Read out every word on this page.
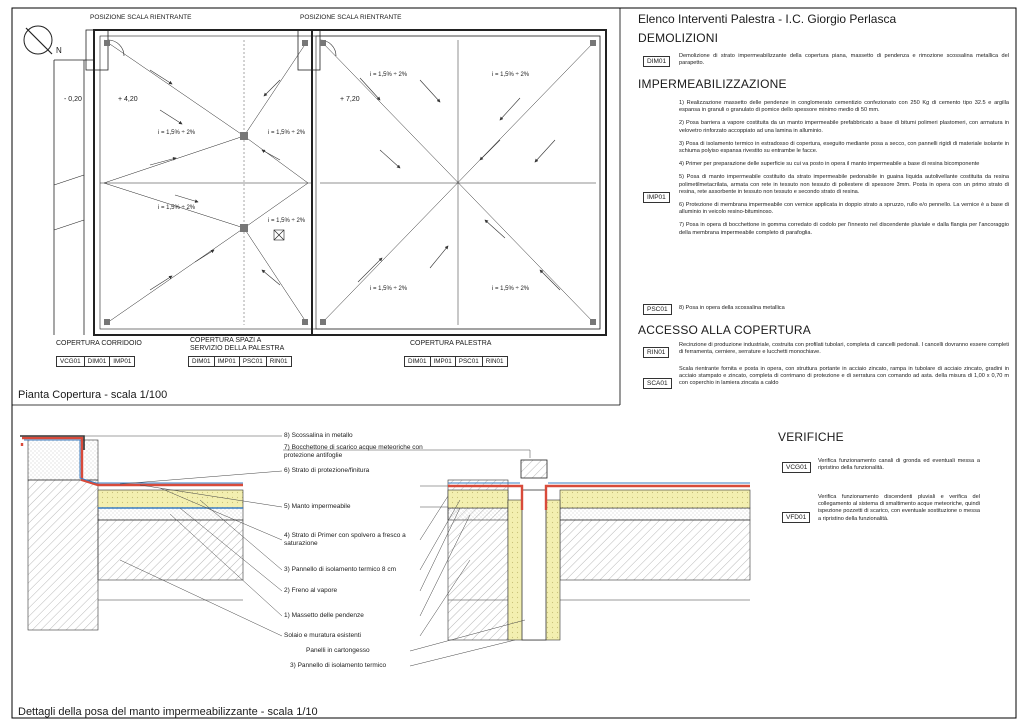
POSIZIONE SCALA RIENTRANTE	POSIZIONE SCALA RIENTRANTE
N
- 0,20	+ 4,20	+ 7,20
i = 1,5% ÷ 2%
i = 1,5% ÷ 2%
i = 1,5% ÷ 2%
i = 1,5% ÷ 2%
i = 1,5% ÷ 2%	i = 1,5% ÷ 2%
i = 1,5% ÷ 2%	i = 1,5% ÷ 2%
COPERTURA CORRIDOIO
VCG01	DIM01	IMP01
COPERTURA SPAZI A
SERVIZIO DELLA PALESTRA
DIM01	IMP01	PSC01	RIN01
COPERTURA PALESTRA
DIM01	IMP01	PSC01	RIN01
Pianta Copertura - scala 1/100
8) Scossalina in metallo
7) Bocchettone di scarico acque meteoriche con protezione antifoglie
6) Strato di protezione/finitura
5) Manto impermeabile
4) Strato di Primer con spolvero a fresco a saturazione
3) Pannello di isolamento termico 8 cm
2) Freno al vapore
1) Massetto delle pendenze
Solaio e muratura esistenti
Panelli in cartongesso
3) Pannello di isolamento termico
Dettagli della posa del manto impermeabilizzante - scala 1/10
Elenco Interventi Palestra - I.C. Giorgio Perlasca
DEMOLIZIONI
DIM01
Demolizione di strato impermeabilizzante della copertura piana, massetto di pendenza e rimozione scossalina metallica del parapetto.
IMPERMEABILIZZAZIONE
IMP01
1) Realizzazione massetto delle pendenze in conglomerato cementizio confezionato con 250 Kg di cemento tipo 32.5 e argilla espansa in granuli o granulato di pomice dello spessore minimo medio di 50 mm.
2) Posa barriera a vapore costituita da un manto impermeabile prefabbricato a base di bitumi polimeri plastomeri, con armatura in velovetro rinforzato accoppiato ad una lamina in alluminio.
3) Posa di isolamento termico in estradosso di copertura, eseguito mediante posa a secco, con pannelli rigidi di materiale isolante in schiuma polyiso espansa rivestito su entrambe le facce.
4) Primer per preparazione delle superficie su cui va posto in opera il manto impermeabile a base di resina bicomponente
5) Posa di manto impermeabile costituito da strato impermeabile pedonabile in guaina liquida autolivellante costituita da resina polimetilmetacrilata, armata con rete in tessuto non tessuto di poliestere di spessore 3mm. Posta in opera con un primo strato di resina, rete assorbente in tessuto non tessuto e secondo strato di resina.
6) Protezione di membrana impermeabile con vernice applicata in doppio strato a spruzzo, rullo e/o pennello. La vernice è a base di alluminio in veicolo resino-bituminoso.
7) Posa in opera di bocchettone in gomma corredato di codolo per l'innesto nel discendente pluviale e dalla flangia per l'ancoraggio della membrana impermeabile completo di parafoglia.
PSC01	8) Posa in opera della scossalina metallica
ACCESSO ALLA COPERTURA
RIN01
Recinzione di produzione industriale, costruita con profilati tubolari, completa di cancelli pedonali. I cancelli dovranno essere completi di ferramenta, cerniere, serrature e lucchetti monochiave.
SCA01
Scala rientrante fornita e posta in opera, con struttura portante in acciaio zincato, rampa in tubolare di acciaio zincato, gradini in acciaio stampato e zincato, completa di corrimano di protezione e di serratura con comando ad asta. della misura di 1,00 x 0,70 m con coperchio in lamiera zincata a caldo
VERIFICHE
VCG01
Verifica funzionamento canali di gronda ed eventuali messa a ripristino della funzionalità.
VFD01
Verifica funzionamento discendenti pluviali e verifica del collegamento al sistema di smaltimento acque meteoriche, quindi ispezione pozzetti di scarico, con eventuale sostituzione o messa a ripristino della funzionalità.
